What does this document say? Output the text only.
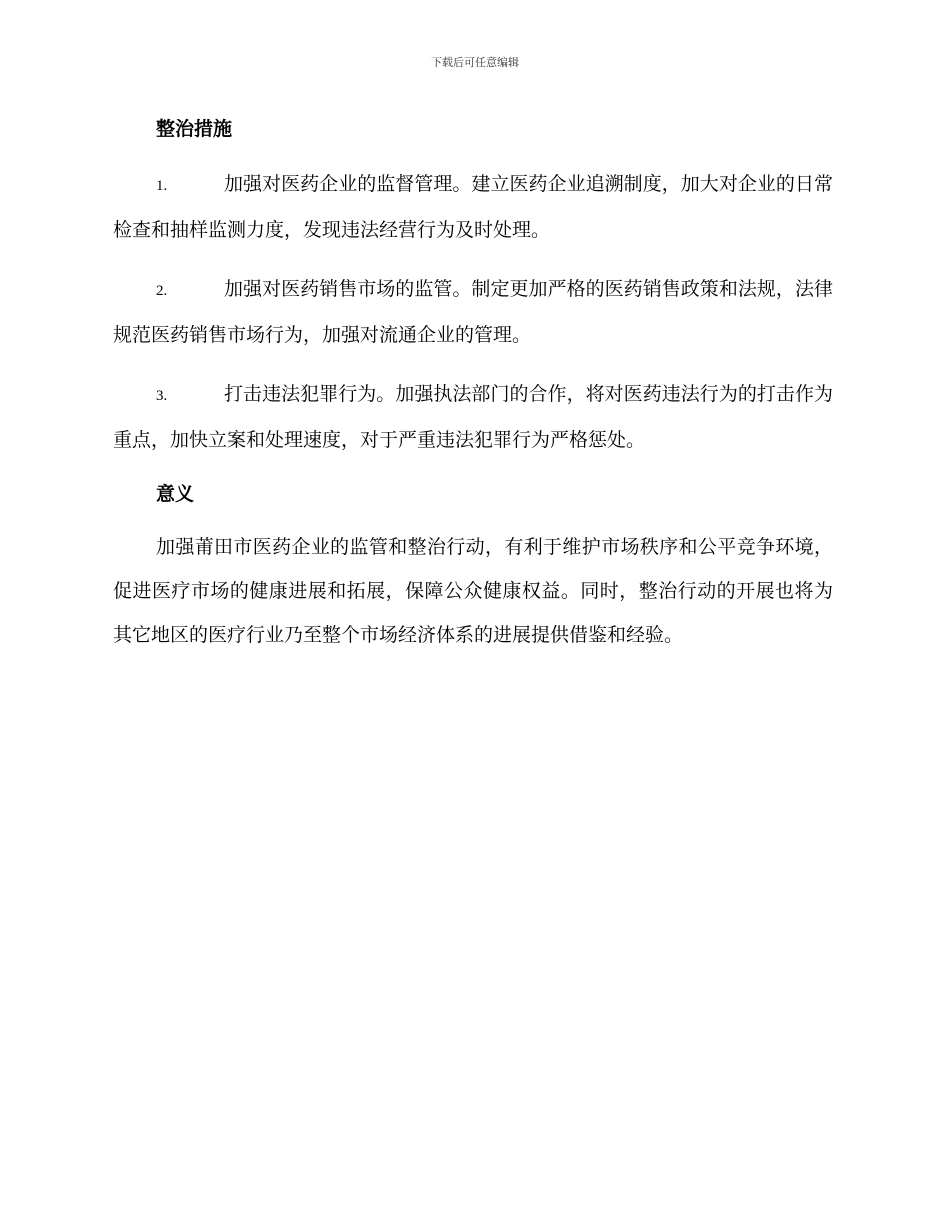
下载后可任意编辑
整治措施

1.	加强对医药企业的监督管理。建立医药企业追溯制度，加大对企业的日常检查和抽样监测力度，发现违法经营行为及时处理。

2.	加强对医药销售市场的监管。制定更加严格的医药销售政策和法规，法律规范医药销售市场行为，加强对流通企业的管理。

3.	打击违法犯罪行为。加强执法部门的合作，将对医药违法行为的打击作为重点，加快立案和处理速度，对于严重违法犯罪行为严格惩处。

意义

加强莆田市医药企业的监管和整治行动，有利于维护市场秩序和公平竞争环境，促进医疗市场的健康进展和拓展，保障公众健康权益。同时，整治行动的开展也将为其它地区的医疗行业乃至整个市场经济体系的进展提供借鉴和经验。
